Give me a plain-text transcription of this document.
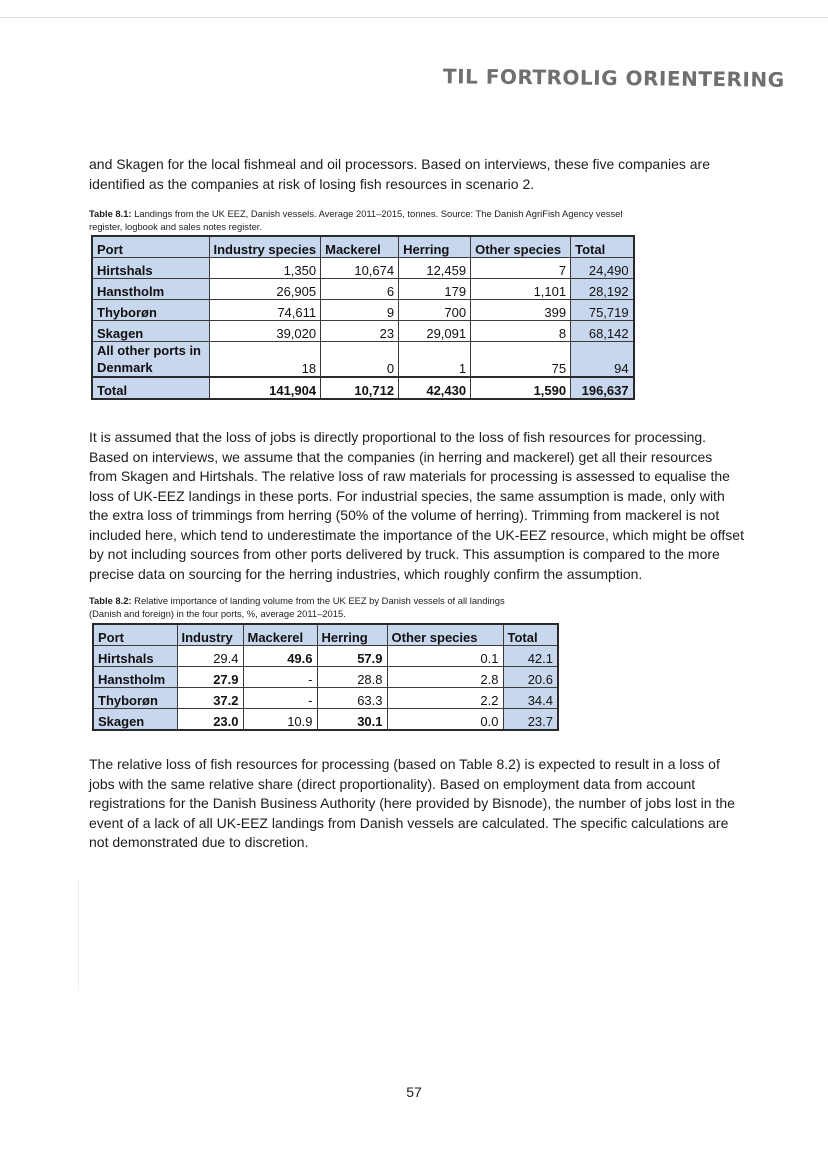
TIL FORTROLIG ORIENTERING

and Skagen for the local fishmeal and oil processors. Based on interviews, these five companies are identified as the companies at risk of losing fish resources in scenario 2.

Table 8.1: Landings from the UK EEZ, Danish vessels. Average 2011–2015, tonnes. Source: The Danish AgriFish Agency vessel register, logbook and sales notes register.

Port	Industry species	Mackerel	Herring	Other species	Total
Hirtshals	1,350	10,674	12,459	7	24,490
Hanstholm	26,905	6	179	1,101	28,192
Thyborøn	74,611	9	700	399	75,719
Skagen	39,020	23	29,091	8	68,142
All other ports in
Denmark	18	0	1	75	94
Total	141,904	10,712	42,430	1,590	196,637

It is assumed that the loss of jobs is directly proportional to the loss of fish resources for processing. Based on interviews, we assume that the companies (in herring and mackerel) get all their resources from Skagen and Hirtshals. The relative loss of raw materials for processing is assessed to equalise the loss of UK-EEZ landings in these ports. For industrial species, the same assumption is made, only with the extra loss of trimmings from herring (50% of the volume of herring). Trimming from mackerel is not included here, which tend to underestimate the importance of the UK-EEZ resource, which might be offset by not including sources from other ports delivered by truck. This assumption is compared to the more precise data on sourcing for the herring industries, which roughly confirm the assumption.

Table 8.2: Relative importance of landing volume from the UK EEZ by Danish vessels of all landings (Danish and foreign) in the four ports, %, average 2011–2015.

Port	Industry	Mackerel	Herring	Other species	Total
Hirtshals	29.4	49.6	57.9	0.1	42.1
Hanstholm	27.9	-	28.8	2.8	20.6
Thyborøn	37.2	-	63.3	2.2	34.4
Skagen	23.0	10.9	30.1	0.0	23.7

The relative loss of fish resources for processing (based on Table 8.2) is expected to result in a loss of jobs with the same relative share (direct proportionality). Based on employment data from account registrations for the Danish Business Authority (here provided by Bisnode), the number of jobs lost in the event of a lack of all UK-EEZ landings from Danish vessels are calculated. The specific calculations are not demonstrated due to discretion.

57
